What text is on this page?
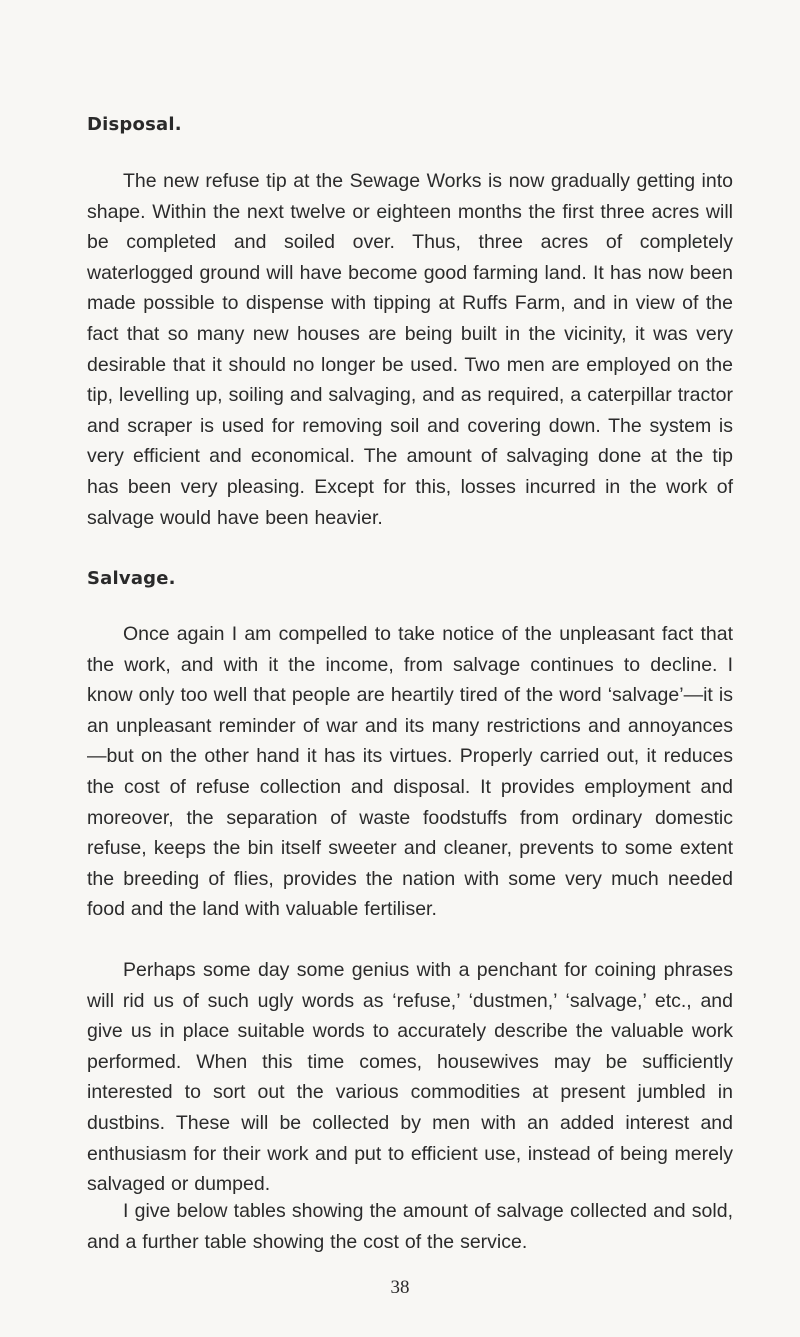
Disposal.

The new refuse tip at the Sewage Works is now gradually getting into shape. Within the next twelve or eighteen months the first three acres will be completed and soiled over. Thus, three acres of completely waterlogged ground will have become good farming land. It has now been made possible to dispense with tipping at Ruffs Farm, and in view of the fact that so many new houses are being built in the vicinity, it was very desirable that it should no longer be used. Two men are employed on the tip, levelling up, soiling and salvaging, and as required, a caterpillar tractor and scraper is used for removing soil and covering down. The system is very efficient and economical. The amount of salvaging done at the tip has been very pleasing. Except for this, losses incurred in the work of salvage would have been heavier.

Salvage.

Once again I am compelled to take notice of the unpleasant fact that the work, and with it the income, from salvage continues to decline. I know only too well that people are heartily tired of the word ‘salvage’—it is an unpleasant reminder of war and its many restrictions and annoyances—but on the other hand it has its virtues. Properly carried out, it reduces the cost of refuse collection and disposal. It provides employment and moreover, the separation of waste foodstuffs from ordinary domestic refuse, keeps the bin itself sweeter and cleaner, prevents to some extent the breeding of flies, provides the nation with some very much needed food and the land with valuable fertiliser.

Perhaps some day some genius with a penchant for coining phrases will rid us of such ugly words as ‘refuse,’ ‘dustmen,’ ‘salvage,’ etc., and give us in place suitable words to accurately describe the valuable work performed. When this time comes, housewives may be sufficiently interested to sort out the various commodities at present jumbled in dustbins. These will be collected by men with an added interest and enthusiasm for their work and put to efficient use, instead of being merely salvaged or dumped.

I give below tables showing the amount of salvage collected and sold, and a further table showing the cost of the service.

38
